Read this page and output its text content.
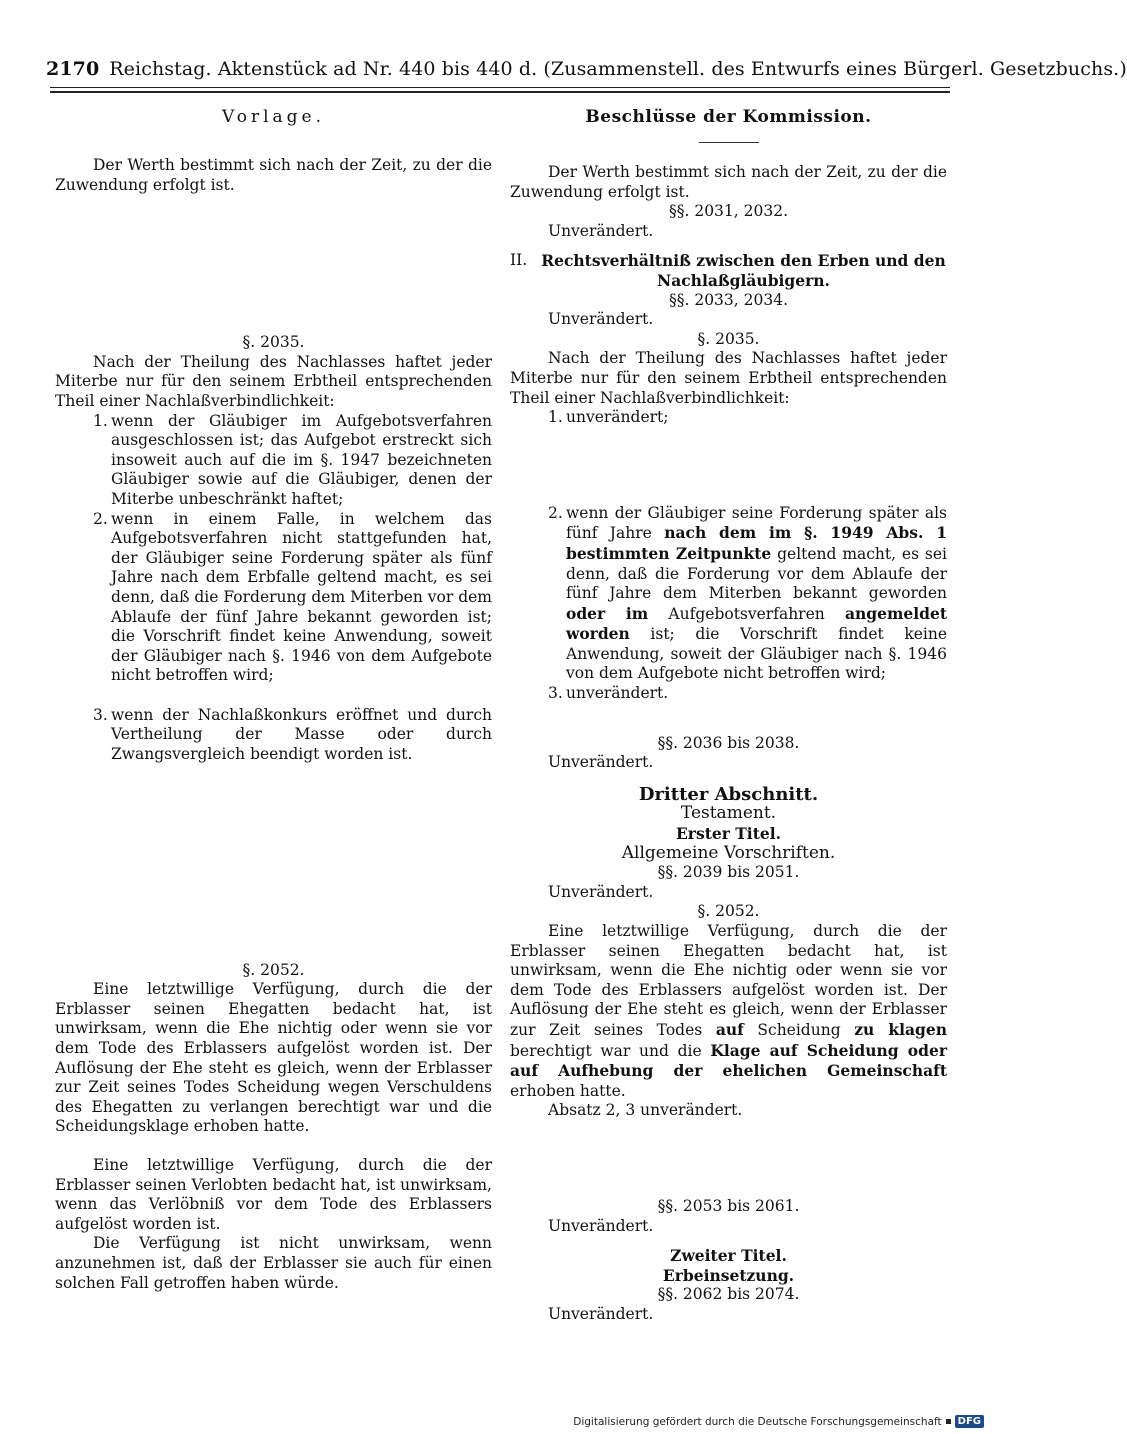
2170 Reichstag. Aktenstück ad Nr. 440 bis 440 d. (Zusammenstell. des Entwurfs eines Bürgerl. Gesetzbuchs.)
Vorlage.

Der Werth bestimmt sich nach der Zeit, zu der die Zuwendung erfolgt ist.

§. 2035.

Nach der Theilung des Nachlasses haftet jeder Miterbe nur für den seinem Erbtheil entsprechenden Theil einer Nachlaßverbindlichkeit:

1. wenn der Gläubiger im Aufgebotsverfahren ausgeschlossen ist; das Aufgebot erstreckt sich insoweit auch auf die im §. 1947 bezeichneten Gläubiger sowie auf die Gläubiger, denen der Miterbe unbeschränkt haftet;
2. wenn in einem Falle, in welchem das Aufgebotsverfahren nicht stattgefunden hat, der Gläubiger seine Forderung später als fünf Jahre nach dem Erbfalle geltend macht, es sei denn, daß die Forderung dem Miterben vor dem Ablaufe der fünf Jahre bekannt geworden ist; die Vorschrift findet keine Anwendung, soweit der Gläubiger nach §. 1946 von dem Aufgebote nicht betroffen wird;
3. wenn der Nachlaßkonkurs eröffnet und durch Vertheilung der Masse oder durch Zwangsvergleich beendigt worden ist.

§. 2052.

Eine letztwillige Verfügung, durch die der Erblasser seinen Ehegatten bedacht hat, ist unwirksam, wenn die Ehe nichtig oder wenn sie vor dem Tode des Erblassers aufgelöst worden ist. Der Auflösung der Ehe steht es gleich, wenn der Erblasser zur Zeit seines Todes Scheidung wegen Verschuldens des Ehegatten zu verlangen berechtigt war und die Scheidungsklage erhoben hatte.

Eine letztwillige Verfügung, durch die der Erblasser seinen Verlobten bedacht hat, ist unwirksam, wenn das Verlöbniß vor dem Tode des Erblassers aufgelöst worden ist.

Die Verfügung ist nicht unwirksam, wenn anzunehmen ist, daß der Erblasser sie auch für einen solchen Fall getroffen haben würde.

Beschlüsse der Kommission.

Der Werth bestimmt sich nach der Zeit, zu der die Zuwendung erfolgt ist.

§§. 2031, 2032.

Unverändert.

II. Rechtsverhältniß zwischen den Erben und den Nachlaßgläubigern.

§§. 2033, 2034.

Unverändert.

§. 2035.

Nach der Theilung des Nachlasses haftet jeder Miterbe nur für den seinem Erbtheil entsprechenden Theil einer Nachlaßverbindlichkeit:

1. unverändert;
2. wenn der Gläubiger seine Forderung später als fünf Jahre nach dem im §. 1949 Abs. 1 bestimmten Zeitpunkte geltend macht, es sei denn, daß die Forderung vor dem Ablaufe der fünf Jahre dem Miterben bekannt geworden oder im Aufgebotsverfahren angemeldet worden ist; die Vorschrift findet keine Anwendung, soweit der Gläubiger nach §. 1946 von dem Aufgebote nicht betroffen wird;
3. unverändert.

§§. 2036 bis 2038.

Unverändert.

Dritter Abschnitt.

Testament.

Erster Titel.

Allgemeine Vorschriften.

§§. 2039 bis 2051.

Unverändert.

§. 2052.

Eine letztwillige Verfügung, durch die der Erblasser seinen Ehegatten bedacht hat, ist unwirksam, wenn die Ehe nichtig oder wenn sie vor dem Tode des Erblassers aufgelöst worden ist. Der Auflösung der Ehe steht es gleich, wenn der Erblasser zur Zeit seines Todes auf Scheidung zu klagen berechtigt war und die Klage auf Scheidung oder auf Aufhebung der ehelichen Gemeinschaft erhoben hatte.

Absatz 2, 3 unverändert.

§§. 2053 bis 2061.

Unverändert.

Zweiter Titel.

Erbeinsetzung.

§§. 2062 bis 2074.

Unverändert.

Digitalisierung gefördert durch die Deutsche Forschungsgemeinschaft	DFG
